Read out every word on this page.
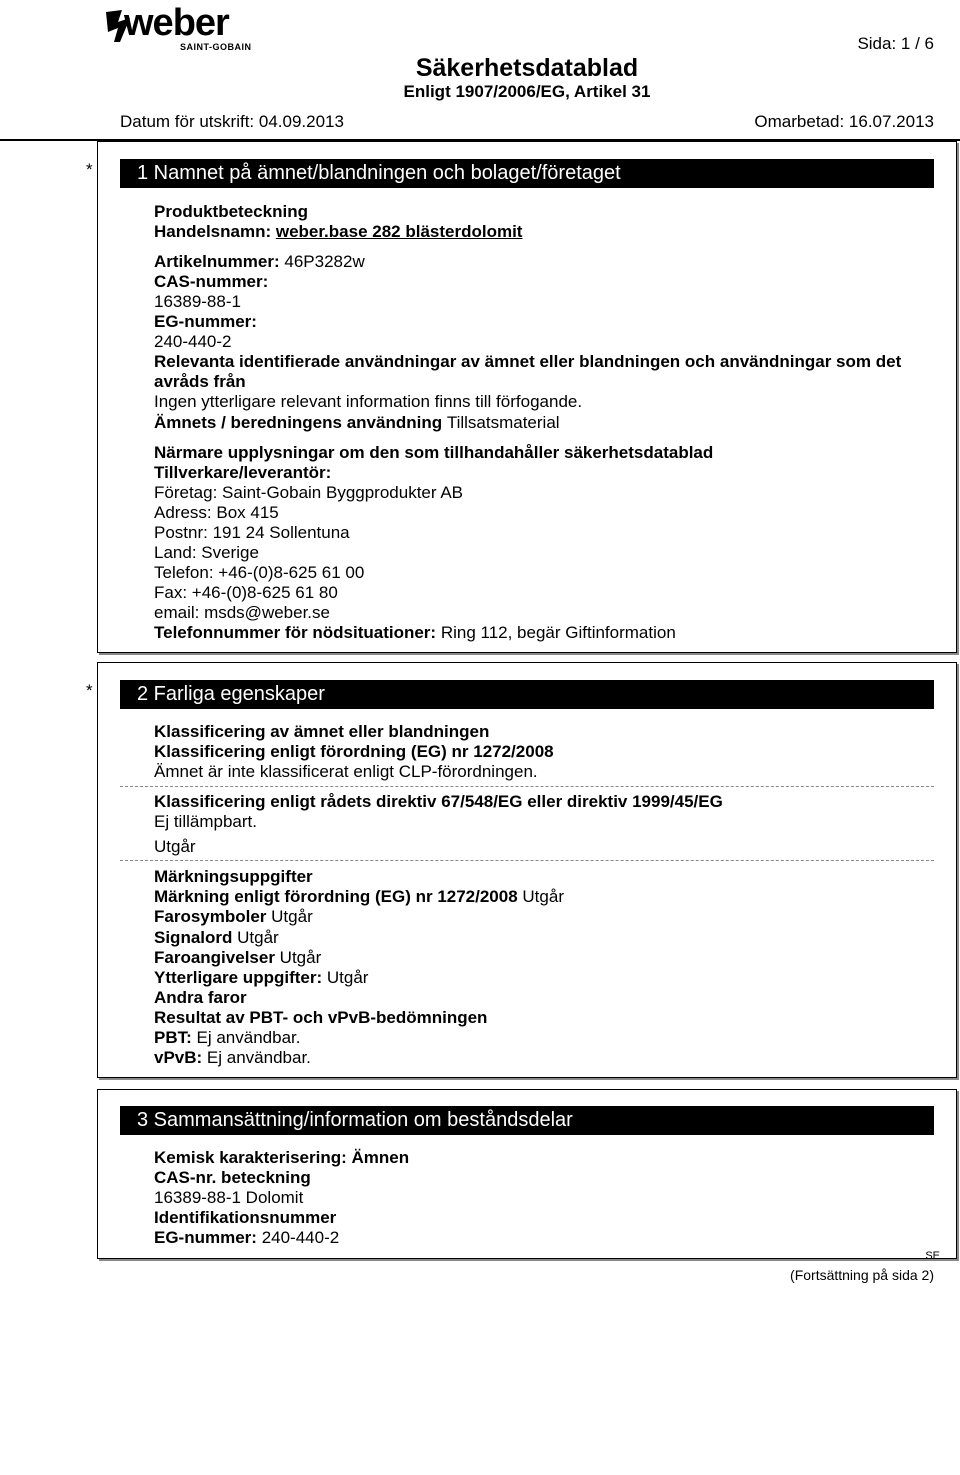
weber
SAINT-GOBAIN	Sida: 1 / 6
Säkerhetsdatablad
Enligt 1907/2006/EG, Artikel 31
Datum för utskrift: 04.09.2013	Omarbetad: 16.07.2013
*	1 Namnet på ämnet/blandningen och bolaget/företaget
Produktbeteckning
Handelsnamn: weber.base 282 blästerdolomit
Artikelnummer: 46P3282w
CAS-nummer:
16389-88-1
EG-nummer:
240-440-2
Relevanta identifierade användningar av ämnet eller blandningen och användningar som det
avråds från
Ingen ytterligare relevant information finns till förfogande.
Ämnets / beredningens användning Tillsatsmaterial
Närmare upplysningar om den som tillhandahåller säkerhetsdatablad
Tillverkare/leverantör:
Företag: Saint-Gobain Byggprodukter AB
Adress: Box 415
Postnr: 191 24 Sollentuna
Land: Sverige
Telefon: +46-(0)8-625 61 00
Fax: +46-(0)8-625 61 80
email: msds@weber.se
Telefonnummer för nödsituationer: Ring 112, begär Giftinformation
*	2 Farliga egenskaper
Klassificering av ämnet eller blandningen
Klassificering enligt förordning (EG) nr 1272/2008
Ämnet är inte klassificerat enligt CLP-förordningen.
Klassificering enligt rådets direktiv 67/548/EG eller direktiv 1999/45/EG
Ej tillämpbart.
Utgår
Märkningsuppgifter
Märkning enligt förordning (EG) nr 1272/2008 Utgår
Farosymboler Utgår
Signalord Utgår
Faroangivelser Utgår
Ytterligare uppgifter: Utgår
Andra faror
Resultat av PBT- och vPvB-bedömningen
PBT: Ej användbar.
vPvB: Ej användbar.
3 Sammansättning/information om beståndsdelar
Kemisk karakterisering: Ämnen
CAS-nr. beteckning
16389-88-1 Dolomit
Identifikationsnummer
EG-nummer: 240-440-2
SE
(Fortsättning på sida 2)
